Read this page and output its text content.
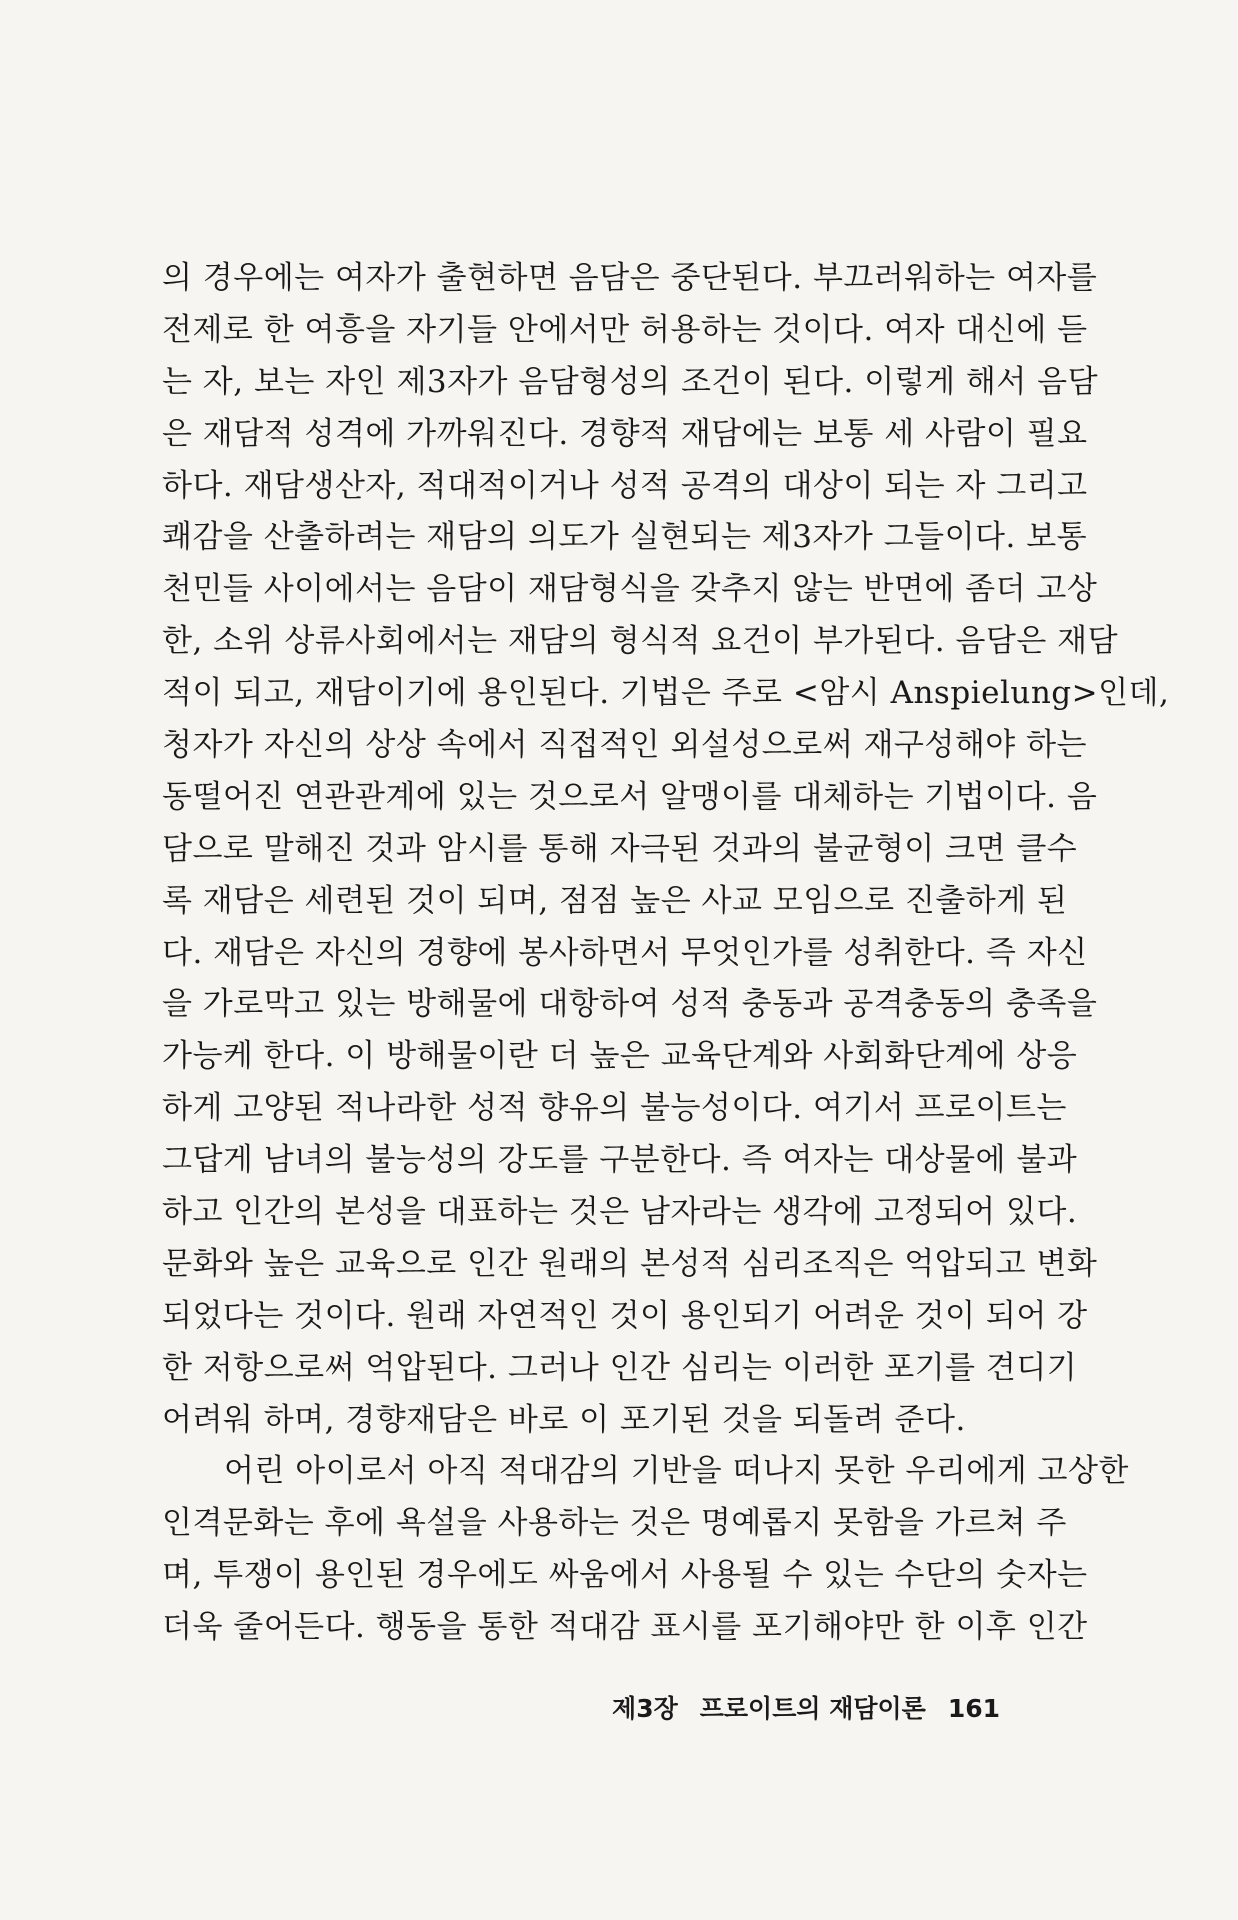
의 경우에는 여자가 출현하면 음담은 중단된다. 부끄러워하는 여자를
전제로 한 여흥을 자기들 안에서만 허용하는 것이다. 여자 대신에 듣
는 자, 보는 자인 제3자가 음담형성의 조건이 된다. 이렇게 해서 음담
은 재담적 성격에 가까워진다. 경향적 재담에는 보통 세 사람이 필요
하다. 재담생산자, 적대적이거나 성적 공격의 대상이 되는 자 그리고
쾌감을 산출하려는 재담의 의도가 실현되는 제3자가 그들이다. 보통
천민들 사이에서는 음담이 재담형식을 갖추지 않는 반면에 좀더 고상
한, 소위 상류사회에서는 재담의 형식적 요건이 부가된다. 음담은 재담
적이 되고, 재담이기에 용인된다. 기법은 주로 <암시 Anspielung>인데,
청자가 자신의 상상 속에서 직접적인 외설성으로써 재구성해야 하는
동떨어진 연관관계에 있는 것으로서 알맹이를 대체하는 기법이다. 음
담으로 말해진 것과 암시를 통해 자극된 것과의 불균형이 크면 클수
록 재담은 세련된 것이 되며, 점점 높은 사교 모임으로 진출하게 된
다. 재담은 자신의 경향에 봉사하면서 무엇인가를 성취한다. 즉 자신
을 가로막고 있는 방해물에 대항하여 성적 충동과 공격충동의 충족을
가능케 한다. 이 방해물이란 더 높은 교육단계와 사회화단계에 상응
하게 고양된 적나라한 성적 향유의 불능성이다. 여기서 프로이트는
그답게 남녀의 불능성의 강도를 구분한다. 즉 여자는 대상물에 불과
하고 인간의 본성을 대표하는 것은 남자라는 생각에 고정되어 있다.
문화와 높은 교육으로 인간 원래의 본성적 심리조직은 억압되고 변화
되었다는 것이다. 원래 자연적인 것이 용인되기 어려운 것이 되어 강
한 저항으로써 억압된다. 그러나 인간 심리는 이러한 포기를 견디기
어려워 하며, 경향재담은 바로 이 포기된 것을 되돌려 준다.
어린 아이로서 아직 적대감의 기반을 떠나지 못한 우리에게 고상한
인격문화는 후에 욕설을 사용하는 것은 명예롭지 못함을 가르쳐 주
며, 투쟁이 용인된 경우에도 싸움에서 사용될 수 있는 수단의 숫자는
더욱 줄어든다. 행동을 통한 적대감 표시를 포기해야만 한 이후 인간
제3장 프로이트의 재담이론 161
